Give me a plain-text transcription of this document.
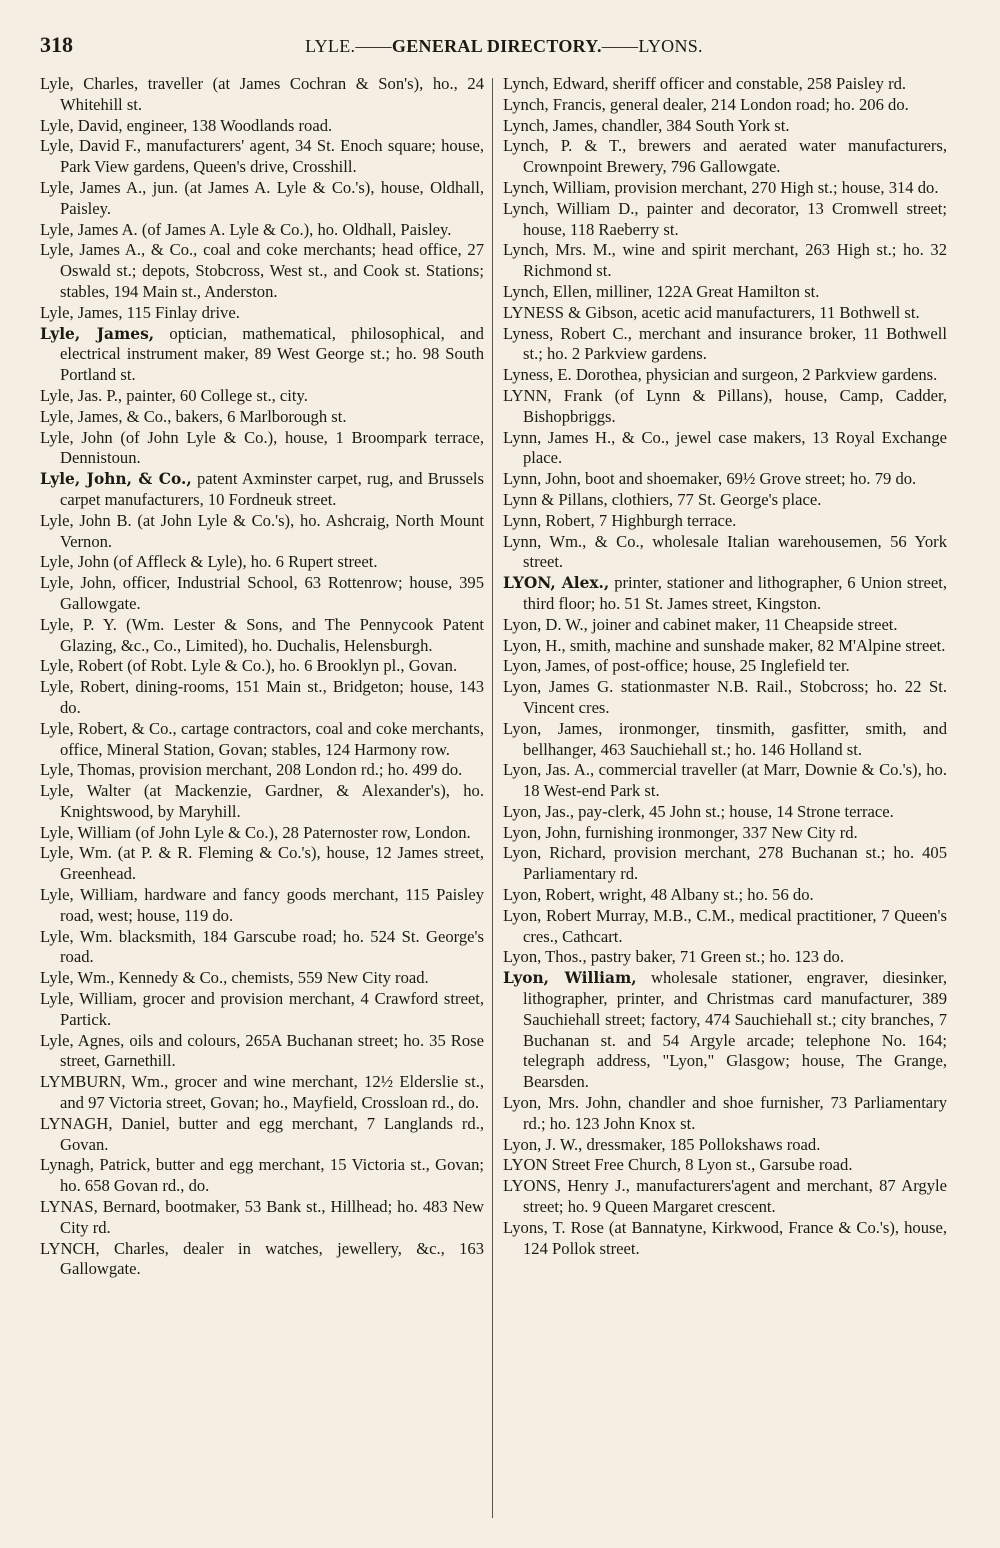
318	LYLE.——GENERAL DIRECTORY.——LYONS.

Lyle, Charles, traveller (at James Cochran & Son's), ho., 24 Whitehill st.

Lyle, David, engineer, 138 Woodlands road.

Lyle, David F., manufacturers' agent, 34 St. Enoch square; house, Park View gardens, Queen's drive, Crosshill.

Lyle, James A., jun. (at James A. Lyle & Co.'s), house, Oldhall, Paisley.

Lyle, James A. (of James A. Lyle & Co.), ho. Oldhall, Paisley.

Lyle, James A., & Co., coal and coke merchants; head office, 27 Oswald st.; depots, Stobcross, West st., and Cook st. Stations; stables, 194 Main st., Anderston.

Lyle, James, 115 Finlay drive.

Lyle, James, optician, mathematical, philosophical, and electrical instrument maker, 89 West George st.; ho. 98 South Portland st.

Lyle, Jas. P., painter, 60 College st., city.

Lyle, James, & Co., bakers, 6 Marlborough st.

Lyle, John (of John Lyle & Co.), house, 1 Broompark terrace, Dennistoun.

Lyle, John, & Co., patent Axminster carpet, rug, and Brussels carpet manufacturers, 10 Fordneuk street.

Lyle, John B. (at John Lyle & Co.'s), ho. Ashcraig, North Mount Vernon.

Lyle, John (of Affleck & Lyle), ho. 6 Rupert street.

Lyle, John, officer, Industrial School, 63 Rottenrow; house, 395 Gallowgate.

Lyle, P. Y. (Wm. Lester & Sons, and The Pennycook Patent Glazing, &c., Co., Limited), ho. Duchalis, Helensburgh.

Lyle, Robert (of Robt. Lyle & Co.), ho. 6 Brooklyn pl., Govan.

Lyle, Robert, dining-rooms, 151 Main st., Bridgeton; house, 143 do.

Lyle, Robert, & Co., cartage contractors, coal and coke merchants, office, Mineral Station, Govan; stables, 124 Harmony row.

Lyle, Thomas, provision merchant, 208 London rd.; ho. 499 do.

Lyle, Walter (at Mackenzie, Gardner, & Alexander's), ho. Knightswood, by Maryhill.

Lyle, William (of John Lyle & Co.), 28 Paternoster row, London.

Lyle, Wm. (at P. & R. Fleming & Co.'s), house, 12 James street, Greenhead.

Lyle, William, hardware and fancy goods merchant, 115 Paisley road, west; house, 119 do.

Lyle, Wm. blacksmith, 184 Garscube road; ho. 524 St. George's road.

Lyle, Wm., Kennedy & Co., chemists, 559 New City road.

Lyle, William, grocer and provision merchant, 4 Crawford street, Partick.

Lyle, Agnes, oils and colours, 265A Buchanan street; ho. 35 Rose street, Garnethill.

LYMBURN, Wm., grocer and wine merchant, 12½ Elderslie st., and 97 Victoria street, Govan; ho., Mayfield, Crossloan rd., do.

LYNAGH, Daniel, butter and egg merchant, 7 Langlands rd., Govan.

Lynagh, Patrick, butter and egg merchant, 15 Victoria st., Govan; ho. 658 Govan rd., do.

LYNAS, Bernard, bootmaker, 53 Bank st., Hillhead; ho. 483 New City rd.

LYNCH, Charles, dealer in watches, jewellery, &c., 163 Gallowgate.

Lynch, Edward, sheriff officer and constable, 258 Paisley rd.

Lynch, Francis, general dealer, 214 London road; ho. 206 do.

Lynch, James, chandler, 384 South York st.

Lynch, P. & T., brewers and aerated water manufacturers, Crownpoint Brewery, 796 Gallowgate.

Lynch, William, provision merchant, 270 High st.; house, 314 do.

Lynch, William D., painter and decorator, 13 Cromwell street; house, 118 Raeberry st.

Lynch, Mrs. M., wine and spirit merchant, 263 High st.; ho. 32 Richmond st.

Lynch, Ellen, milliner, 122A Great Hamilton st.

LYNESS & Gibson, acetic acid manufacturers, 11 Bothwell st.

Lyness, Robert C., merchant and insurance broker, 11 Bothwell st.; ho. 2 Parkview gardens.

Lyness, E. Dorothea, physician and surgeon, 2 Parkview gardens.

LYNN, Frank (of Lynn & Pillans), house, Camp, Cadder, Bishopbriggs.

Lynn, James H., & Co., jewel case makers, 13 Royal Exchange place.

Lynn, John, boot and shoemaker, 69½ Grove street; ho. 79 do.

Lynn & Pillans, clothiers, 77 St. George's place.

Lynn, Robert, 7 Highburgh terrace.

Lynn, Wm., & Co., wholesale Italian warehousemen, 56 York street.

LYON, Alex., printer, stationer and lithographer, 6 Union street, third floor; ho. 51 St. James street, Kingston.

Lyon, D. W., joiner and cabinet maker, 11 Cheapside street.

Lyon, H., smith, machine and sunshade maker, 82 M'Alpine street.

Lyon, James, of post-office; house, 25 Inglefield ter.

Lyon, James G. stationmaster N.B. Rail., Stobcross; ho. 22 St. Vincent cres.

Lyon, James, ironmonger, tinsmith, gasfitter, smith, and bellhanger, 463 Sauchiehall st.; ho. 146 Holland st.

Lyon, Jas. A., commercial traveller (at Marr, Downie & Co.'s), ho. 18 West-end Park st.

Lyon, Jas., pay-clerk, 45 John st.; house, 14 Strone terrace.

Lyon, John, furnishing ironmonger, 337 New City rd.

Lyon, Richard, provision merchant, 278 Buchanan st.; ho. 405 Parliamentary rd.

Lyon, Robert, wright, 48 Albany st.; ho. 56 do.

Lyon, Robert Murray, M.B., C.M., medical practitioner, 7 Queen's cres., Cathcart.

Lyon, Thos., pastry baker, 71 Green st.; ho. 123 do.

Lyon, William, wholesale stationer, engraver, diesinker, lithographer, printer, and Christmas card manufacturer, 389 Sauchiehall street; factory, 474 Sauchiehall st.; city branches, 7 Buchanan st. and 54 Argyle arcade; telephone No. 164; telegraph address, "Lyon," Glasgow; house, The Grange, Bearsden.

Lyon, Mrs. John, chandler and shoe furnisher, 73 Parliamentary rd.; ho. 123 John Knox st.

Lyon, J. W., dressmaker, 185 Pollokshaws road.

LYON Street Free Church, 8 Lyon st., Garsube road.

LYONS, Henry J., manufacturers'agent and merchant, 87 Argyle street; ho. 9 Queen Margaret crescent.

Lyons, T. Rose (at Bannatyne, Kirkwood, France & Co.'s), house, 124 Pollok street.
